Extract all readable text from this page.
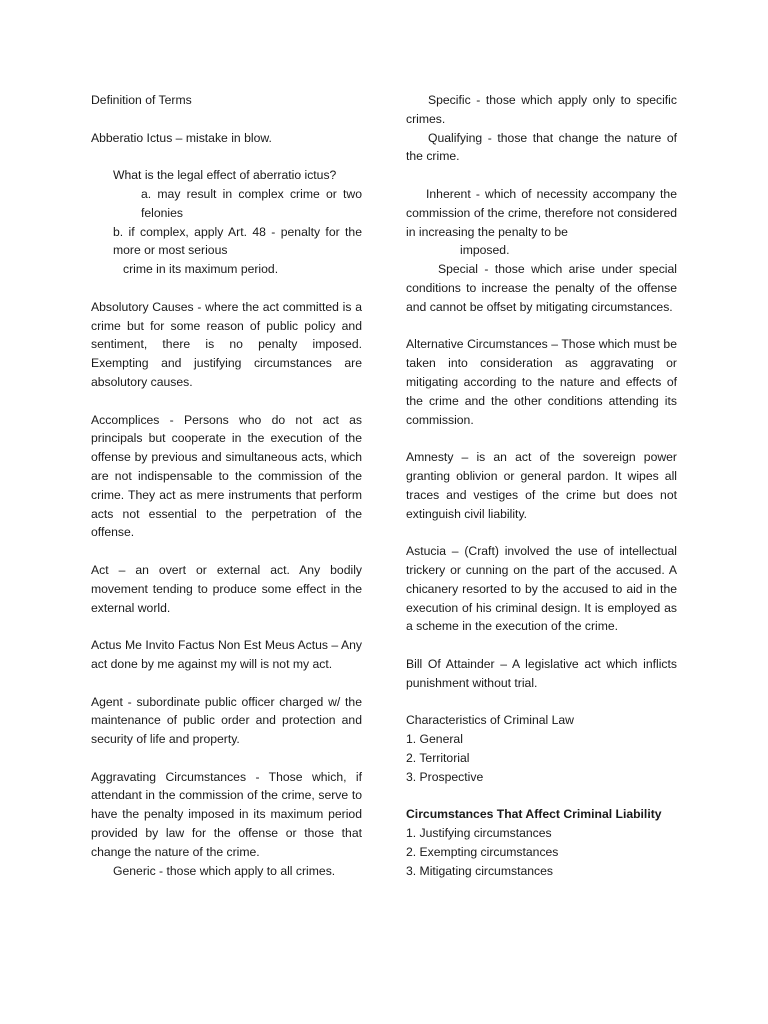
Definition of Terms

Abberatio Ictus – mistake in blow.

What is the legal effect of aberratio ictus?
a. may result in complex crime or two felonies
b. if complex, apply Art. 48 - penalty for the more or most serious
crime in its maximum period.

Absolutory Causes - where the act committed is a crime but for some reason of public policy and sentiment, there is no penalty imposed. Exempting and justifying circumstances are absolutory causes.

Accomplices - Persons who do not act as principals but cooperate in the execution of the offense by previous and simultaneous acts, which are not indispensable to the commission of the crime. They act as mere instruments that perform acts not essential to the perpetration of the offense.

Act – an overt or external act. Any bodily movement tending to produce some effect in the external world.

Actus Me Invito Factus Non Est Meus Actus – Any act done by me against my will is not my act.

Agent - subordinate public officer charged w/ the maintenance of public order and protection and security of life and property.

Aggravating Circumstances - Those which, if attendant in the commission of the crime, serve to have the penalty imposed in its maximum period provided by law for the offense or those that change the nature of the crime.

Generic - those which apply to all crimes.

Specific - those which apply only to specific crimes.

Qualifying - those that change the nature of the crime.

Inherent - which of necessity accompany the commission of the crime, therefore not considered in increasing the penalty to be

imposed.

Special - those which arise under special conditions to increase the penalty of the offense and cannot be offset by mitigating circumstances.

Alternative Circumstances – Those which must be taken into consideration as aggravating or mitigating according to the nature and effects of the crime and the other conditions attending its commission.

Amnesty – is an act of the sovereign power granting oblivion or general pardon. It wipes all traces and vestiges of the crime but does not extinguish civil liability.

Astucia – (Craft) involved the use of intellectual trickery or cunning on the part of the accused. A chicanery resorted to by the accused to aid in the execution of his criminal design. It is employed as a scheme in the execution of the crime.

Bill Of Attainder – A legislative act which inflicts punishment without trial.

Characteristics of Criminal Law
1. General
2. Territorial
3. Prospective
Circumstances That Affect Criminal Liability
1. Justifying circumstances
2. Exempting circumstances
3. Mitigating circumstances
